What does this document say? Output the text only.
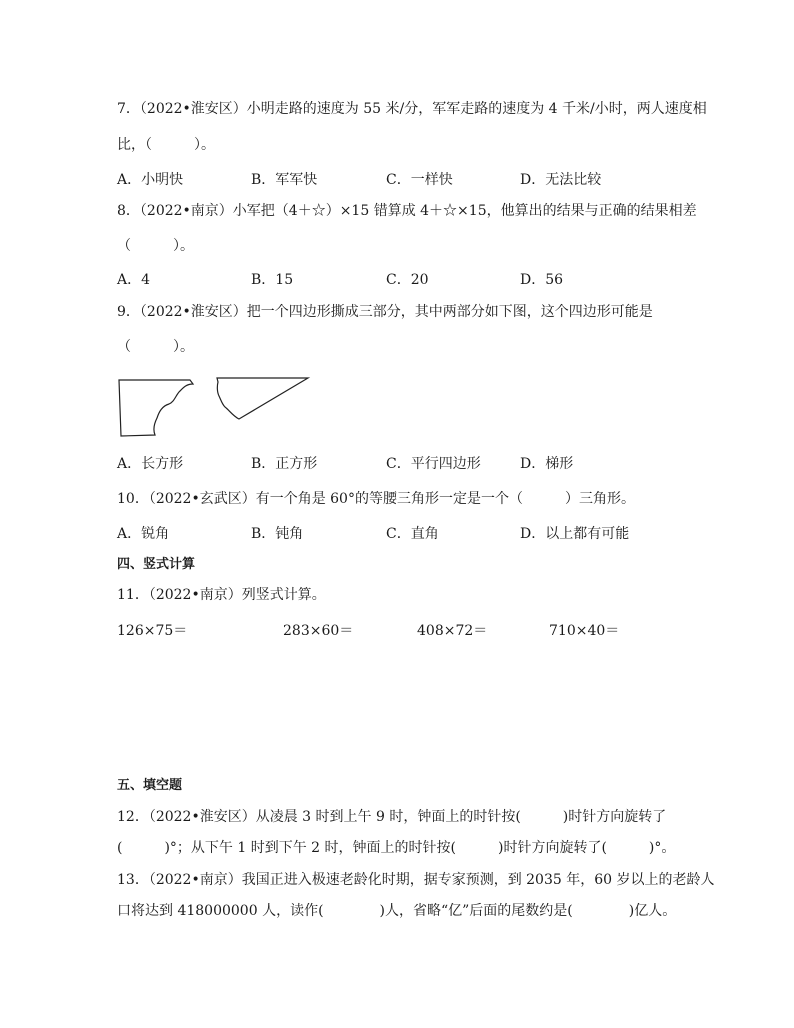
7．（2022•淮安区）小明走路的速度为 55 米/分，军军走路的速度为 4 千米/小时，两人速度相
比，（　　　）。
A．小明快	B．军军快	C．一样快	D．无法比较
8．（2022•南京）小军把（4＋☆）×15 错算成 4＋☆×15，他算出的结果与正确的结果相差
（　　　）。
A．4	B．15	C．20	D．56
9．（2022•淮安区）把一个四边形撕成三部分，其中两部分如下图，这个四边形可能是
（　　　）。
A．长方形	B．正方形	C．平行四边形	D．梯形
10．（2022•玄武区）有一个角是 60°的等腰三角形一定是一个（　　　）三角形。
A．锐角	B．钝角	C．直角	D．以上都有可能
四、竖式计算
11．（2022•南京）列竖式计算。
126×75＝	283×60＝	408×72＝	710×40＝
五、填空题
12．（2022•淮安区）从凌晨 3 时到上午 9 时，钟面上的时针按(　　　)时针方向旋转了
(　　　)°；从下午 1 时到下午 2 时，钟面上的时针按(　　　)时针方向旋转了(　　　)°。
13．（2022•南京）我国正进入极速老龄化时期，据专家预测，到 2035 年，60 岁以上的老龄人
口将达到 418000000 人，读作(　　　　)人，省略“亿”后面的尾数约是(　　　　)亿人。
